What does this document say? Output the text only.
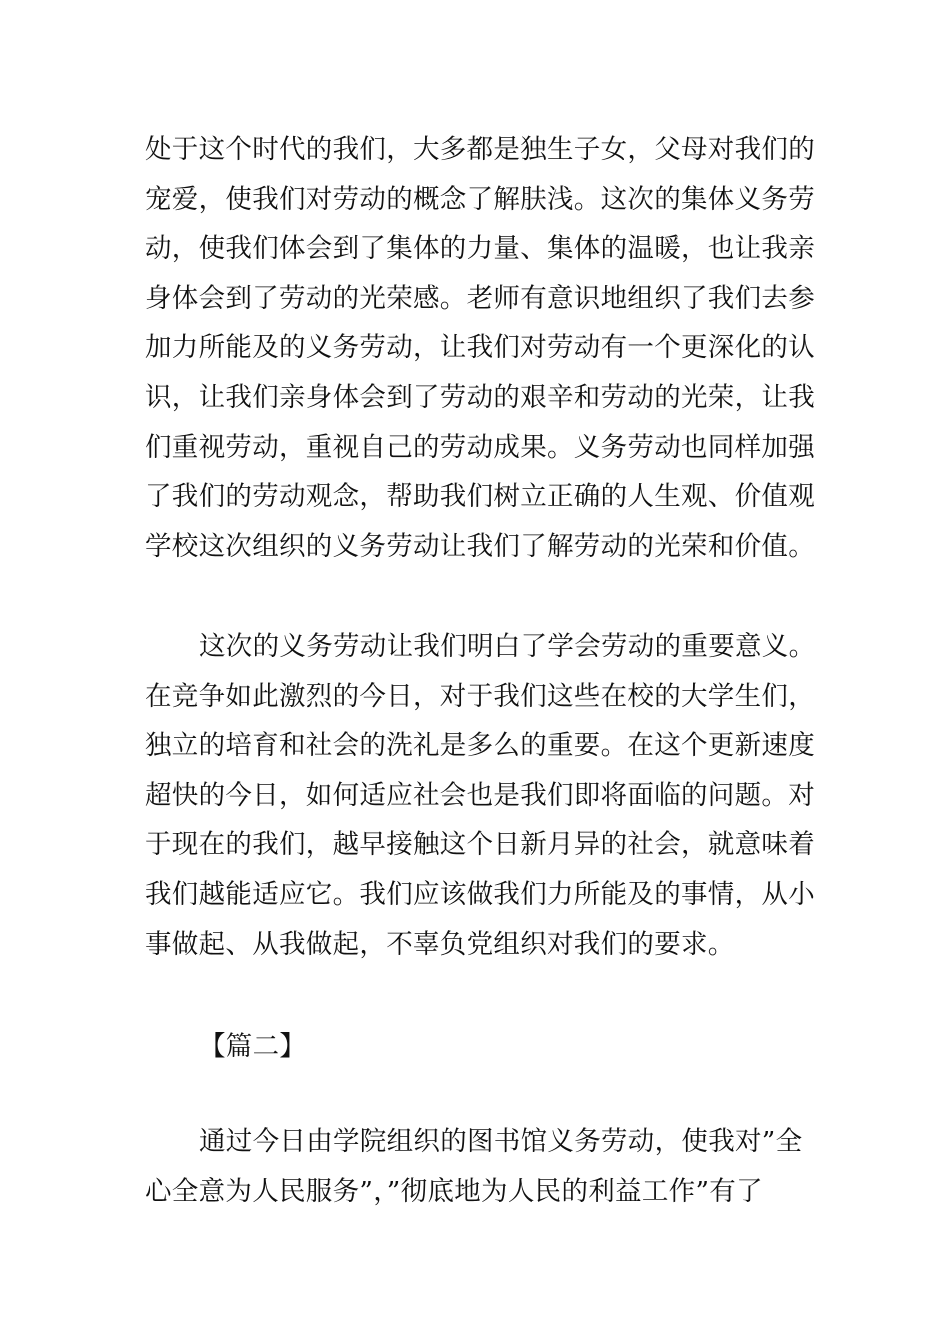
处于这个时代的我们，大多都是独生子女，父母对我们的
宠爱，使我们对劳动的概念了解肤浅。这次的集体义务劳
动，使我们体会到了集体的力量、集体的温暖，也让我亲
身体会到了劳动的光荣感。老师有意识地组织了我们去参
加力所能及的义务劳动，让我们对劳动有一个更深化的认
识，让我们亲身体会到了劳动的艰辛和劳动的光荣，让我
们重视劳动，重视自己的劳动成果。义务劳动也同样加强
了我们的劳动观念，帮助我们树立正确的人生观、价值观
学校这次组织的义务劳动让我们了解劳动的光荣和价值。
这次的义务劳动让我们明白了学会劳动的重要意义。
在竞争如此激烈的今日，对于我们这些在校的大学生们，
独立的培育和社会的洗礼是多么的重要。在这个更新速度
超快的今日，如何适应社会也是我们即将面临的问题。对
于现在的我们，越早接触这个日新月异的社会，就意味着
我们越能适应它。我们应该做我们力所能及的事情，从小
事做起、从我做起，不辜负党组织对我们的要求。
【篇二】
通过今日由学院组织的图书馆义务劳动，使我对”全
心全意为人民服务”，”彻底地为人民的利益工作”有了
